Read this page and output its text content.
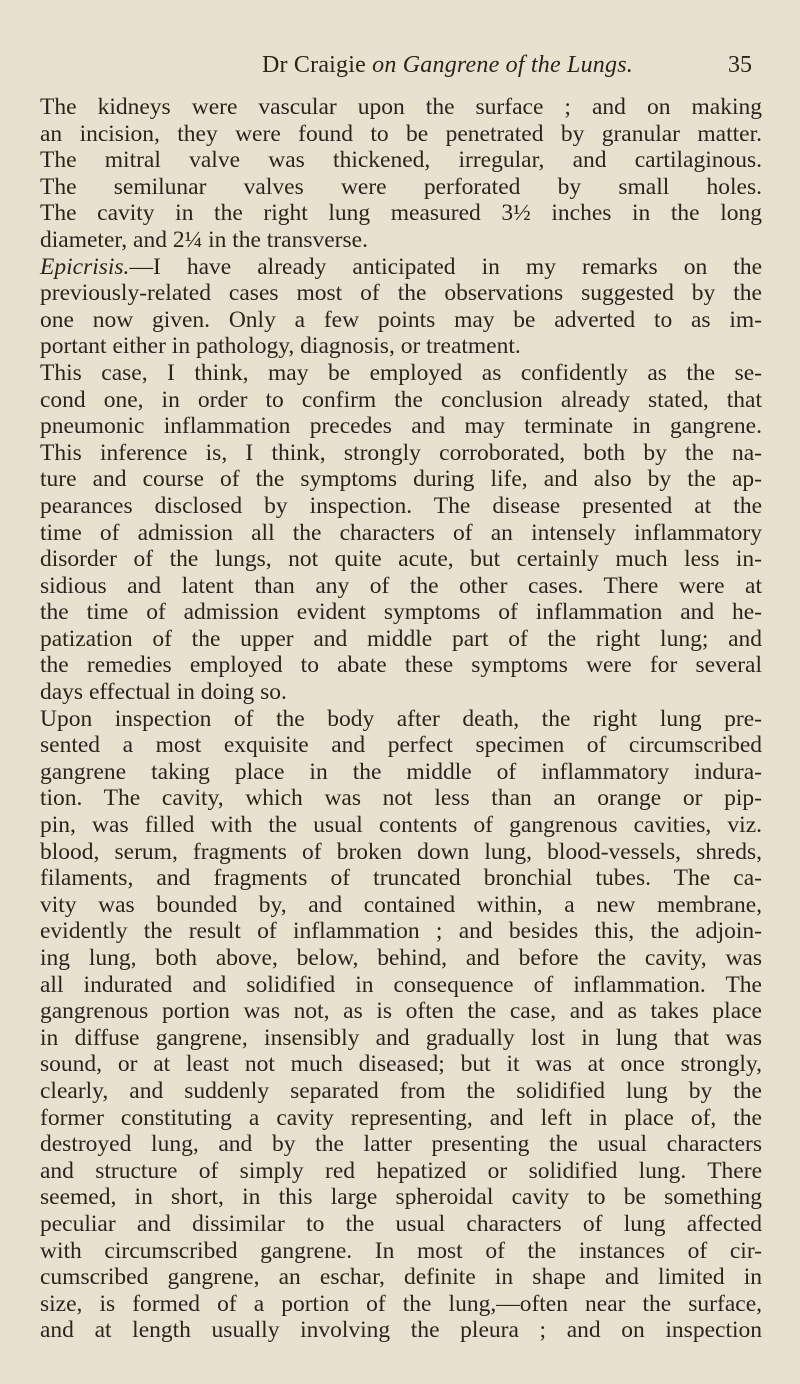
Dr Craigie on Gangrene of the Lungs.	35
The kidneys were vascular upon the surface ; and on making
an incision, they were found to be penetrated by granular matter.
The mitral valve was thickened, irregular, and cartilaginous.
The semilunar valves were perforated by small holes.
The cavity in the right lung measured 3½ inches in the long
diameter, and 2¼ in the transverse.
Epicrisis.—I have already anticipated in my remarks on the
previously-related cases most of the observations suggested by the
one now given. Only a few points may be adverted to as im-
portant either in pathology, diagnosis, or treatment.
This case, I think, may be employed as confidently as the se-
cond one, in order to confirm the conclusion already stated, that
pneumonic inflammation precedes and may terminate in gangrene.
This inference is, I think, strongly corroborated, both by the na-
ture and course of the symptoms during life, and also by the ap-
pearances disclosed by inspection. The disease presented at the
time of admission all the characters of an intensely inflammatory
disorder of the lungs, not quite acute, but certainly much less in-
sidious and latent than any of the other cases. There were at
the time of admission evident symptoms of inflammation and he-
patization of the upper and middle part of the right lung; and
the remedies employed to abate these symptoms were for several
days effectual in doing so.
Upon inspection of the body after death, the right lung pre-
sented a most exquisite and perfect specimen of circumscribed
gangrene taking place in the middle of inflammatory indura-
tion. The cavity, which was not less than an orange or pip-
pin, was filled with the usual contents of gangrenous cavities, viz.
blood, serum, fragments of broken down lung, blood-vessels, shreds,
filaments, and fragments of truncated bronchial tubes. The ca-
vity was bounded by, and contained within, a new membrane,
evidently the result of inflammation ; and besides this, the adjoin-
ing lung, both above, below, behind, and before the cavity, was
all indurated and solidified in consequence of inflammation. The
gangrenous portion was not, as is often the case, and as takes place
in diffuse gangrene, insensibly and gradually lost in lung that was
sound, or at least not much diseased; but it was at once strongly,
clearly, and suddenly separated from the solidified lung by the
former constituting a cavity representing, and left in place of, the
destroyed lung, and by the latter presenting the usual characters
and structure of simply red hepatized or solidified lung. There
seemed, in short, in this large spheroidal cavity to be something
peculiar and dissimilar to the usual characters of lung affected
with circumscribed gangrene. In most of the instances of cir-
cumscribed gangrene, an eschar, definite in shape and limited in
size, is formed of a portion of the lung,—often near the surface,
and at length usually involving the pleura ; and on inspection
